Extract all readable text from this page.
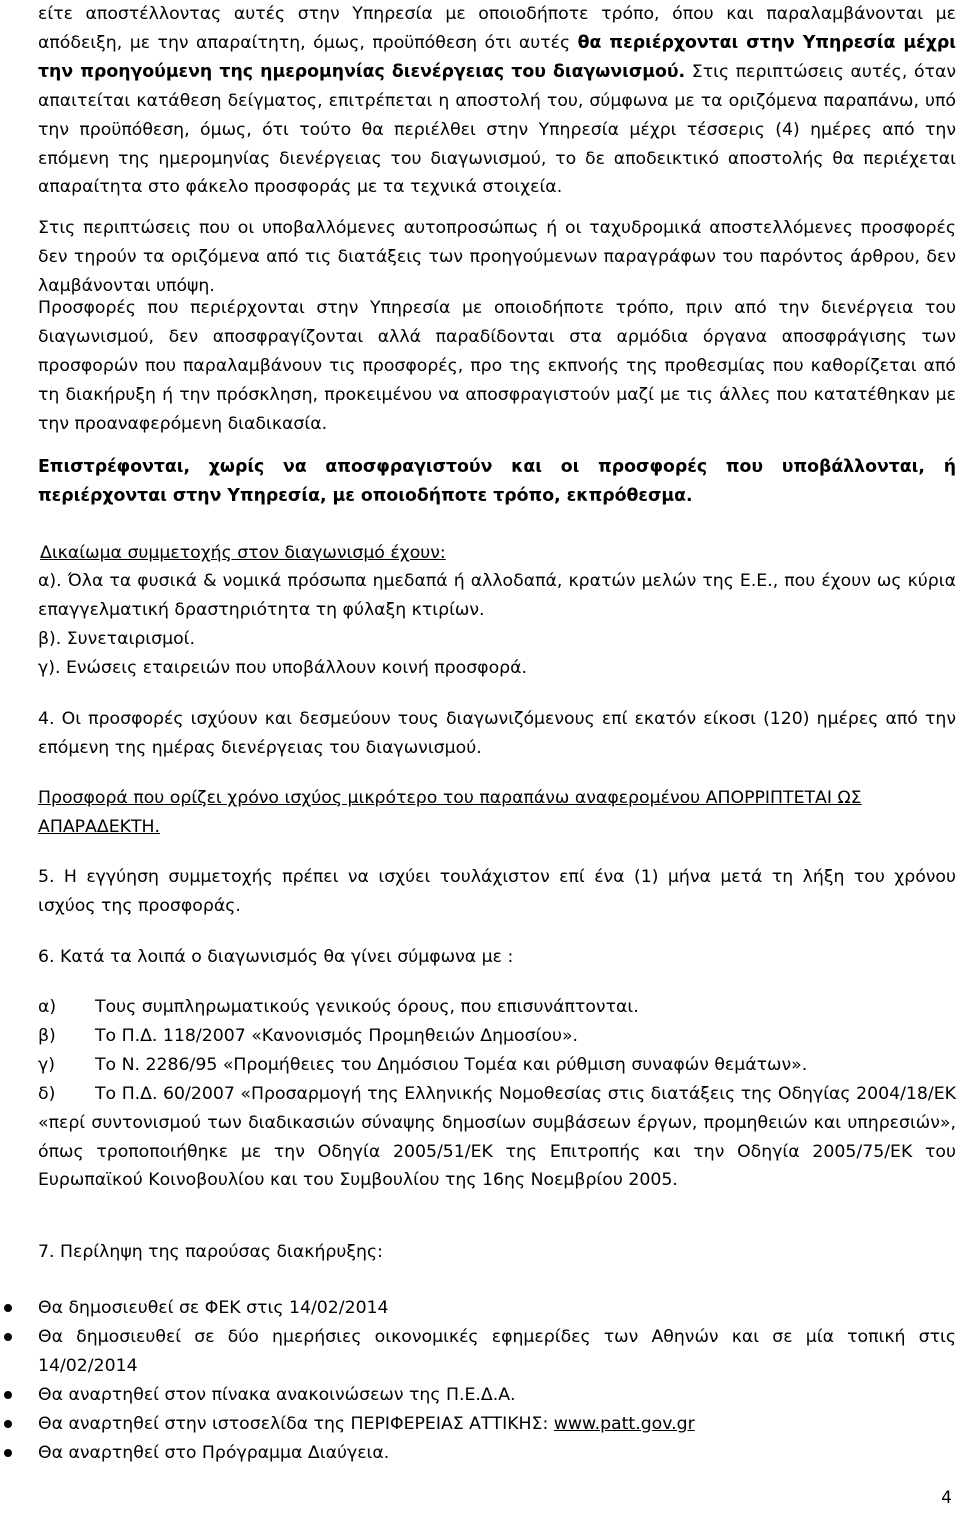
είτε αποστέλλοντας αυτές στην Υπηρεσία με οποιοδήποτε τρόπο, όπου και παραλαμβάνονται με απόδειξη, με την απαραίτητη, όμως, προϋπόθεση ότι αυτές θα περιέρχονται στην Υπηρεσία μέχρι την προηγούμενη της ημερομηνίας διενέργειας του διαγωνισμού. Στις περιπτώσεις αυτές, όταν απαιτείται κατάθεση δείγματος, επιτρέπεται η αποστολή του, σύμφωνα με τα οριζόμενα παραπάνω, υπό την προϋπόθεση, όμως, ότι τούτο θα περιέλθει στην Υπηρεσία μέχρι τέσσερις (4) ημέρες από την επόμενη της ημερομηνίας διενέργειας του διαγωνισμού, το δε αποδεικτικό αποστολής θα περιέχεται απαραίτητα στο φάκελο προσφοράς με τα τεχνικά στοιχεία.

Στις περιπτώσεις που οι υποβαλλόμενες αυτοπροσώπως ή οι ταχυδρομικά αποστελλόμενες προσφορές δεν τηρούν τα οριζόμενα από τις διατάξεις των προηγούμενων παραγράφων του παρόντος άρθρου, δεν λαμβάνονται υπόψη.

Προσφορές που περιέρχονται στην Υπηρεσία με οποιοδήποτε τρόπο, πριν από την διενέργεια του διαγωνισμού, δεν αποσφραγίζονται αλλά παραδίδονται στα αρμόδια όργανα αποσφράγισης των προσφορών που παραλαμβάνουν τις προσφορές, προ της εκπνοής της προθεσμίας που καθορίζεται από τη διακήρυξη ή την πρόσκληση, προκειμένου να αποσφραγιστούν μαζί με τις άλλες που κατατέθηκαν με την προαναφερόμενη διαδικασία.

Επιστρέφονται, χωρίς να αποσφραγιστούν και οι προσφορές που υποβάλλονται, ή περιέρχονται στην Υπηρεσία, με οποιοδήποτε τρόπο, εκπρόθεσμα.

Δικαίωμα συμμετοχής στον διαγωνισμό έχουν:

α). Όλα τα φυσικά & νομικά πρόσωπα ημεδαπά ή αλλοδαπά, κρατών μελών της Ε.Ε., που έχουν ως κύρια επαγγελματική δραστηριότητα τη φύλαξη κτιρίων.

β). Συνεταιρισμοί.

γ). Ενώσεις εταιρειών που υποβάλλουν κοινή προσφορά.

4. Οι προσφορές ισχύουν και δεσμεύουν τους διαγωνιζόμενους επί εκατόν είκοσι (120) ημέρες από την επόμενη της ημέρας διενέργειας του διαγωνισμού.

Προσφορά που ορίζει χρόνο ισχύος μικρότερο του παραπάνω αναφερομένου ΑΠΟΡΡΙΠΤΕΤΑΙ ΩΣ ΑΠΑΡΑΔΕΚΤΗ.

5. Η εγγύηση συμμετοχής πρέπει να ισχύει τουλάχιστον επί ένα (1) μήνα μετά τη λήξη του χρόνου ισχύος της προσφοράς.

6. Κατά τα λοιπά ο διαγωνισμός θα γίνει σύμφωνα με :

α)	Τους συμπληρωματικούς γενικούς όρους, που επισυνάπτονται.
β)	Το Π.Δ. 118/2007 «Κανονισμός Προμηθειών Δημοσίου».
γ)	Το Ν. 2286/95 «Προμήθειες του Δημόσιου Τομέα και ρύθμιση συναφών θεμάτων».
δ) Το Π.Δ. 60/2007 «Προσαρμογή της Ελληνικής Νομοθεσίας στις διατάξεις της Οδηγίας 2004/18/ΕΚ «περί συντονισμού των διαδικασιών σύναψης δημοσίων συμβάσεων έργων, προμηθειών και υπηρεσιών», όπως τροποποιήθηκε με την Οδηγία 2005/51/ΕΚ της Επιτροπής και την Οδηγία 2005/75/ΕΚ του Ευρωπαϊκού Κοινοβουλίου και του Συμβουλίου της 16ης Νοεμβρίου 2005.

7. Περίληψη της παρούσας διακήρυξης:

Θα δημοσιευθεί σε ΦΕΚ στις 14/02/2014
Θα δημοσιευθεί σε δύο ημερήσιες οικονομικές εφημερίδες των Αθηνών και σε μία τοπική στις 14/02/2014
Θα αναρτηθεί στον πίνακα ανακοινώσεων της Π.Ε.Δ.Α.
Θα αναρτηθεί στην ιστοσελίδα της ΠΕΡΙΦΕΡΕΙΑΣ ΑΤΤΙΚΗΣ: www.patt.gov.gr
Θα αναρτηθεί στο Πρόγραμμα Διαύγεια.
4
